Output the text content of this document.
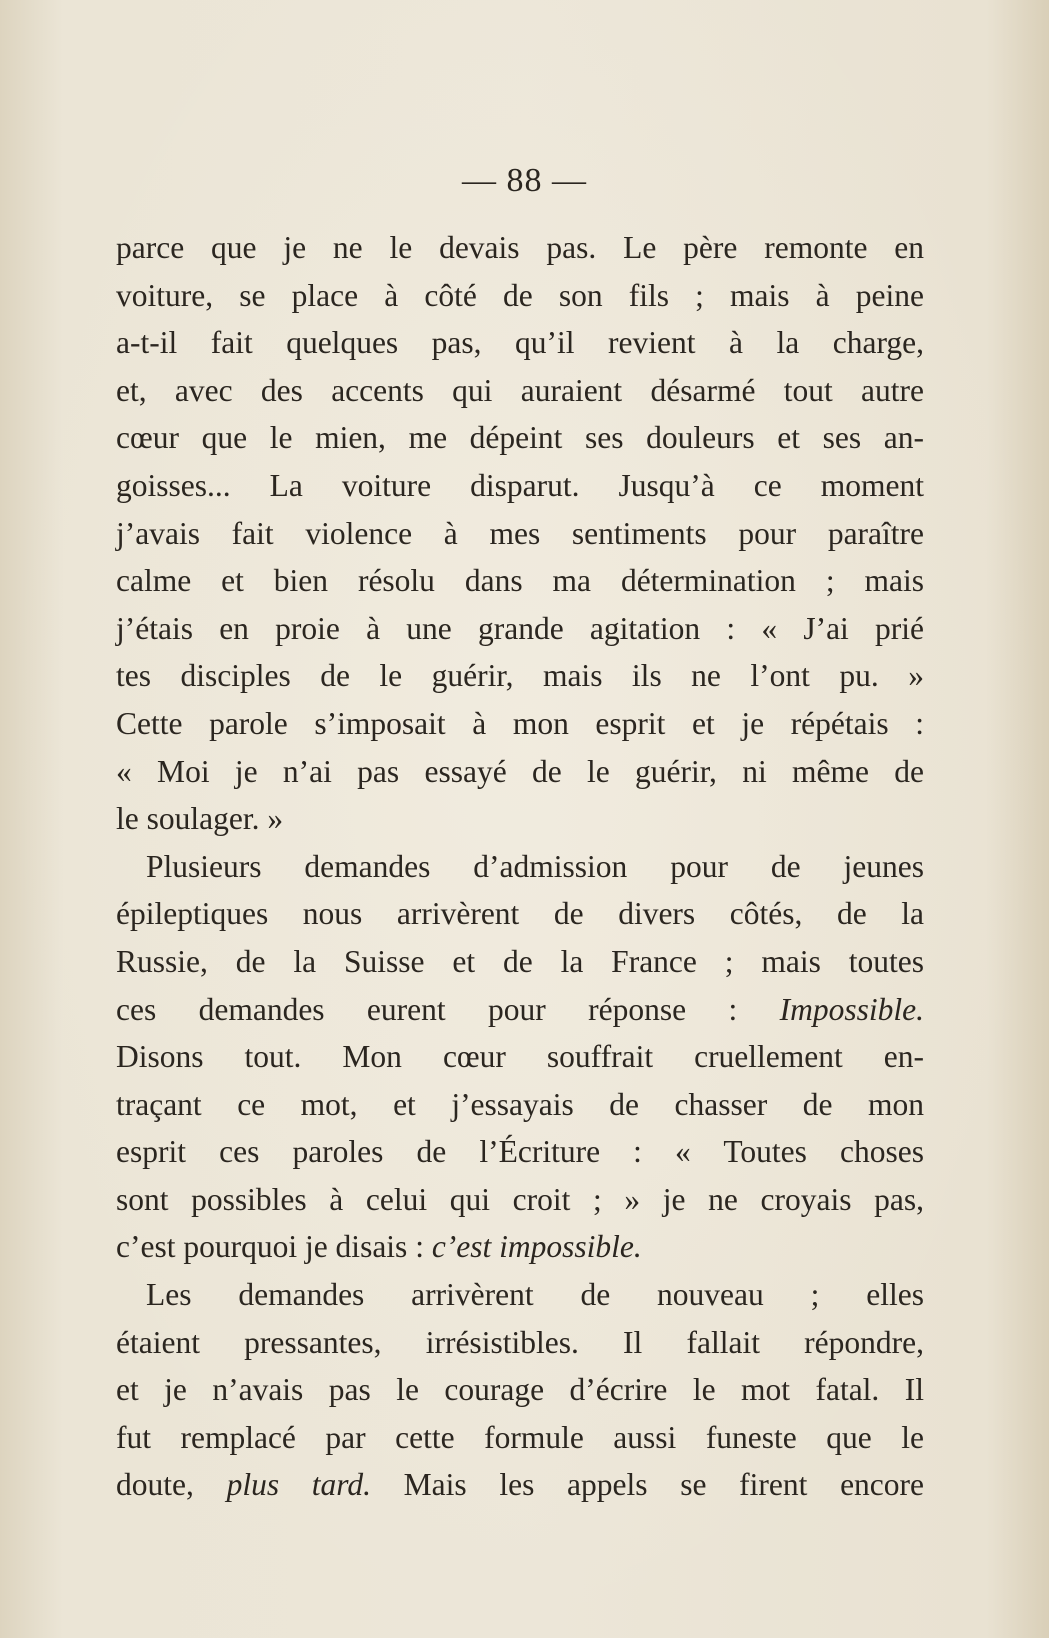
— 88 —
parce que je ne le devais pas. Le père remonte en
voiture, se place à côté de son fils ; mais à peine
a-t-il fait quelques pas, qu’il revient à la charge,
et, avec des accents qui auraient désarmé tout autre
cœur que le mien, me dépeint ses douleurs et ses an-
goisses... La voiture disparut. Jusqu’à ce moment
j’avais fait violence à mes sentiments pour paraître
calme et bien résolu dans ma détermination ; mais
j’étais en proie à une grande agitation : « J’ai prié
tes disciples de le guérir, mais ils ne l’ont pu. »
Cette parole s’imposait à mon esprit et je répétais :
« Moi je n’ai pas essayé de le guérir, ni même de
le soulager. »
Plusieurs demandes d’admission pour de jeunes
épileptiques nous arrivèrent de divers côtés, de la
Russie, de la Suisse et de la France ; mais toutes
ces demandes eurent pour réponse : Impossible.
Disons tout. Mon cœur souffrait cruellement en-
traçant ce mot, et j’essayais de chasser de mon
esprit ces paroles de l’Écriture : « Toutes choses
sont possibles à celui qui croit ; » je ne croyais pas,
c’est pourquoi je disais : c’est impossible.
Les demandes arrivèrent de nouveau ; elles
étaient pressantes, irrésistibles. Il fallait répondre,
et je n’avais pas le courage d’écrire le mot fatal. Il
fut remplacé par cette formule aussi funeste que le
doute, plus tard. Mais les appels se firent encore
